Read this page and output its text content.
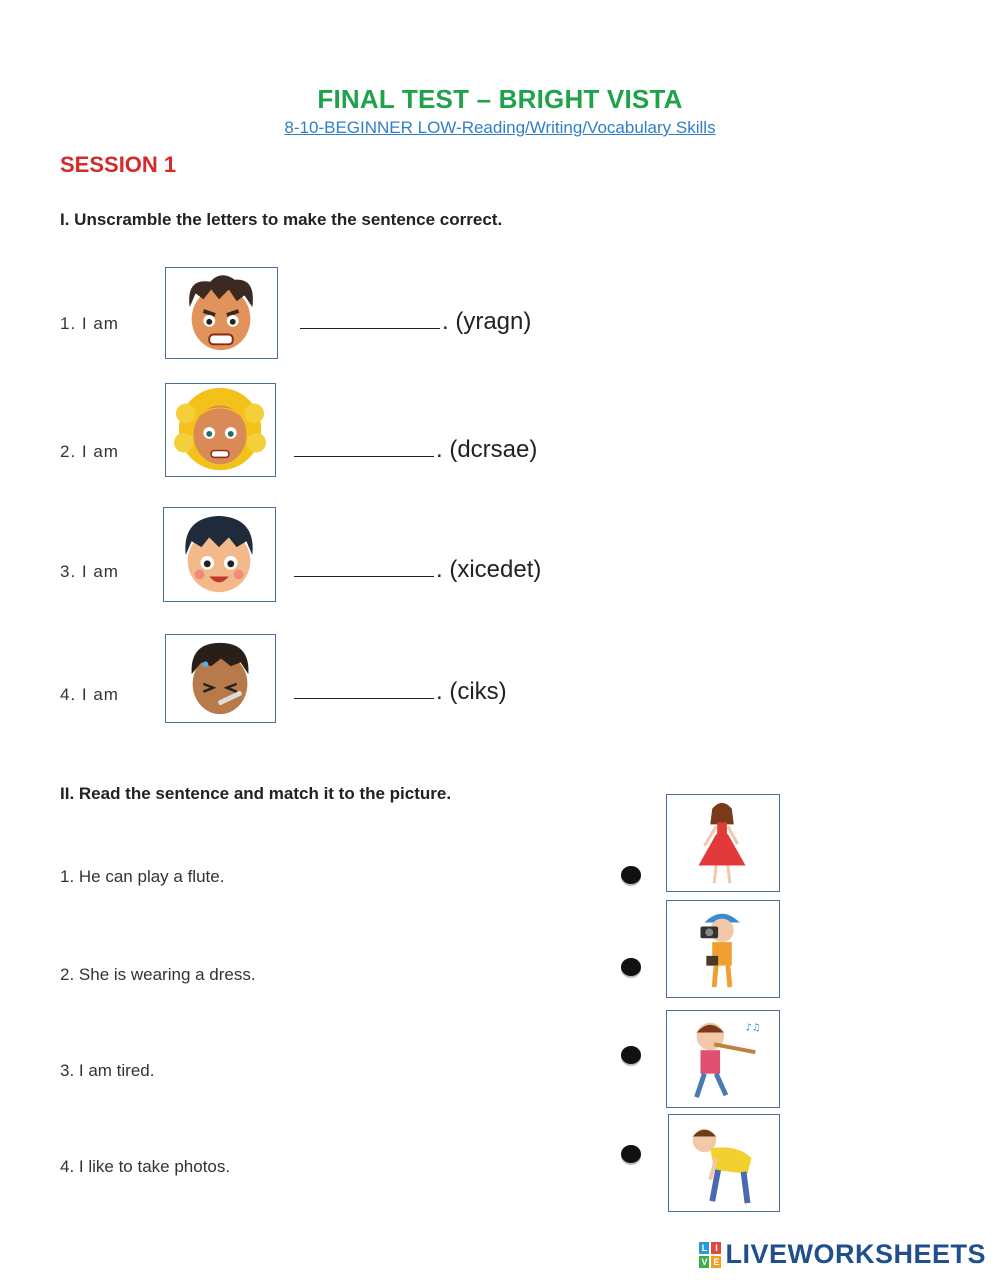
FINAL TEST – BRIGHT VISTA
8-10-BEGINNER LOW-Reading/Writing/Vocabulary Skills
SESSION 1
I. Unscramble the letters to make the sentence correct.
1. I am	. (yragn)
2. I am	. (dcrsae)
3. I am	. (xicedet)
4. I am	. (ciks)
II. Read the sentence and match it to the picture.
1. He can play a flute.
2. She is wearing a dress.
3. I am tired.
4. I like to take photos.
♪♫
L I
V E LIVEWORKSHEETS
